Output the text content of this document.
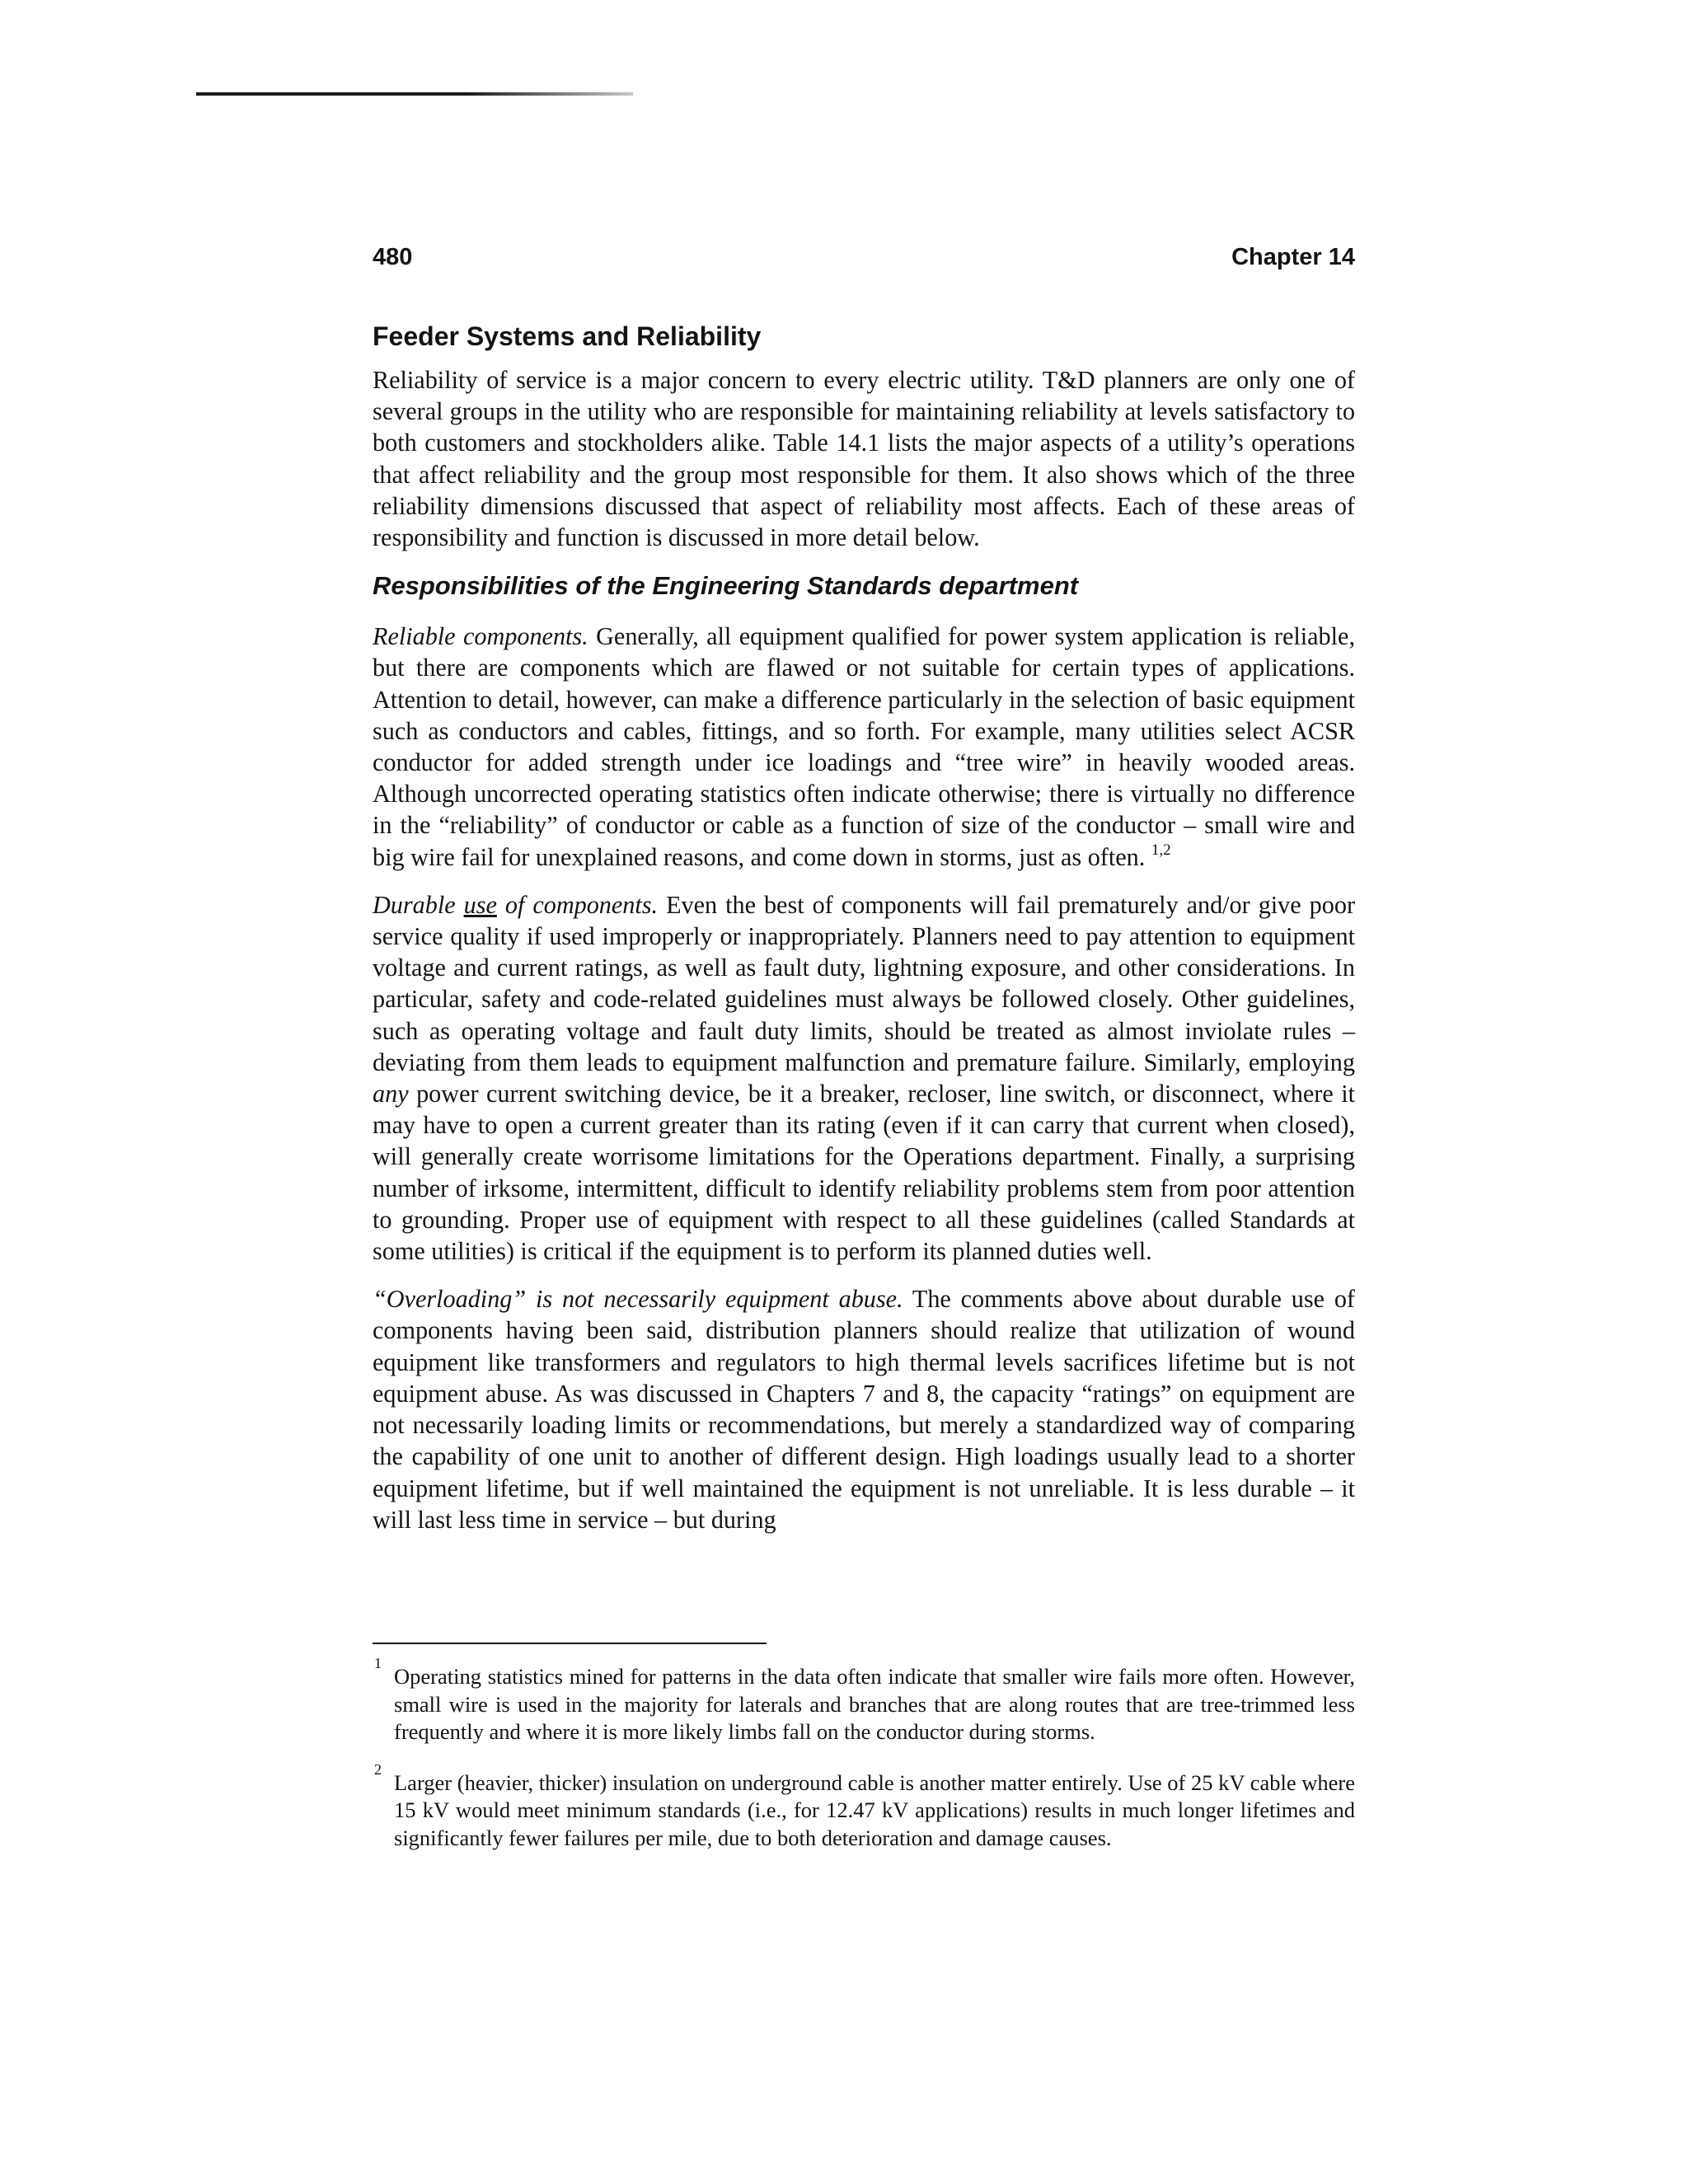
480	Chapter 14
Feeder Systems and Reliability

Reliability of service is a major concern to every electric utility. T&D planners are only one of several groups in the utility who are responsible for maintaining reliability at levels satisfactory to both customers and stockholders alike. Table 14.1 lists the major aspects of a utility’s operations that affect reliability and the group most responsible for them. It also shows which of the three reliability dimensions discussed that aspect of reliability most affects. Each of these areas of responsibility and function is discussed in more detail below.

Responsibilities of the Engineering Standards department

Reliable components. Generally, all equipment qualified for power system application is reliable, but there are components which are flawed or not suitable for certain types of applications. Attention to detail, however, can make a difference particularly in the selection of basic equipment such as conductors and cables, fittings, and so forth. For example, many utilities select ACSR conductor for added strength under ice loadings and “tree wire” in heavily wooded areas. Although uncorrected operating statistics often indicate otherwise; there is virtually no difference in the “reliability” of conductor or cable as a function of size of the conductor – small wire and big wire fail for unexplained reasons, and come down in storms, just as often. $^{1,2}$

Durable use of components. Even the best of components will fail prematurely and/or give poor service quality if used improperly or inappropriately. Planners need to pay attention to equipment voltage and current ratings, as well as fault duty, lightning exposure, and other considerations. In particular, safety and code-related guidelines must always be followed closely. Other guidelines, such as operating voltage and fault duty limits, should be treated as almost inviolate rules – deviating from them leads to equipment malfunction and premature failure. Similarly, employing any power current switching device, be it a breaker, recloser, line switch, or disconnect, where it may have to open a current greater than its rating (even if it can carry that current when closed), will generally create worrisome limitations for the Operations department. Finally, a surprising number of irksome, intermittent, difficult to identify reliability problems stem from poor attention to grounding. Proper use of equipment with respect to all these guidelines (called Standards at some utilities) is critical if the equipment is to perform its planned duties well.

“Overloading” is not necessarily equipment abuse. The comments above about durable use of components having been said, distribution planners should realize that utilization of wound equipment like transformers and regulators to high thermal levels sacrifices lifetime but is not equipment abuse. As was discussed in Chapters 7 and 8, the capacity “ratings” on equipment are not necessarily loading limits or recommendations, but merely a standardized way of comparing the capability of one unit to another of different design. High loadings usually lead to a shorter equipment lifetime, but if well maintained the equipment is not unreliable. It is less durable – it will last less time in service – but during

1
Operating statistics mined for patterns in the data often indicate that smaller wire fails more often. However, small wire is used in the majority for laterals and branches that are along routes that are tree-trimmed less frequently and where it is more likely limbs fall on the conductor during storms.
2
Larger (heavier, thicker) insulation on underground cable is another matter entirely. Use of 25 kV cable where 15 kV would meet minimum standards (i.e., for 12.47 kV applications) results in much longer lifetimes and significantly fewer failures per mile, due to both deterioration and damage causes.
